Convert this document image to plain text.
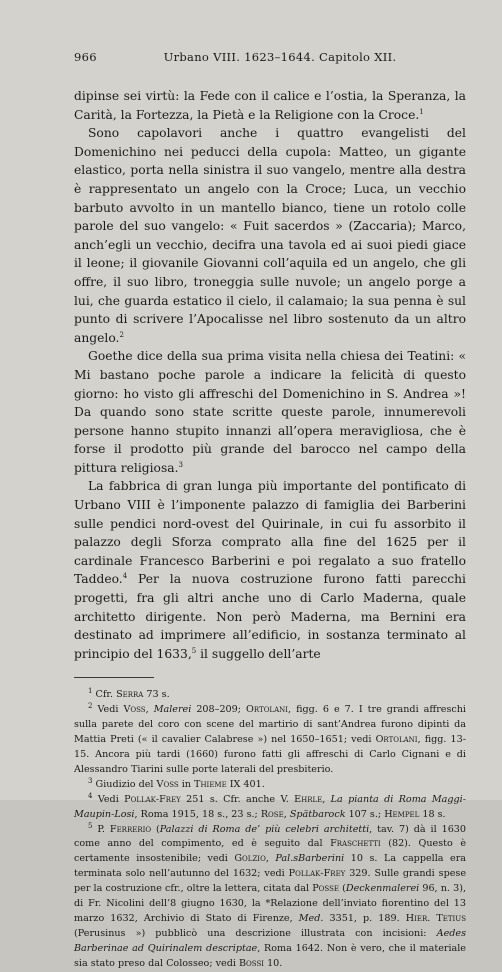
966	Urbano VIII. 1623–1644. Capitolo XII.

dipinse sei virtù: la Fede con il calice e l’ostia, la Speranza, la Carità, la Fortezza, la Pietà e la Religione con la Croce.$^1$

Sono capolavori anche i quattro evangelisti del Domenichino nei peducci della cupola: Matteo, un gigante elastico, porta nella sinistra il suo vangelo, mentre alla destra è rappresentato un angelo con la Croce; Luca, un vecchio barbuto avvolto in un mantello bianco, tiene un rotolo colle parole del suo vangelo: « Fuit sacerdos » (Zaccaria); Marco, anch’egli un vecchio, decifra una tavola ed ai suoi piedi giace il leone; il giovanile Giovanni coll’aquila ed un angelo, che gli offre, il suo libro, troneggia sulle nuvole; un angelo porge a lui, che guarda estatico il cielo, il calamaio; la sua penna è sul punto di scrivere l’Apocalisse nel libro sostenuto da un altro angelo.$^2$

Goethe dice della sua prima visita nella chiesa dei Teatini: « Mi bastano poche parole a indicare la felicità di questo giorno: ho visto gli affreschi del Domenichino in S. Andrea »! Da quando sono state scritte queste parole, innumerevoli persone hanno stupito innanzi all’opera meravigliosa, che è forse il prodotto più grande del barocco nel campo della pittura religiosa.$^3$

La fabbrica di gran lunga più importante del pontificato di Urbano VIII è l’imponente palazzo di famiglia dei Barberini sulle pendici nord-ovest del Quirinale, in cui fu assorbito il palazzo degli Sforza comprato alla fine del 1625 per il cardinale Francesco Barberini e poi regalato a suo fratello Taddeo.$^4$ Per la nuova costruzione furono fatti parecchi progetti, fra gli altri anche uno di Carlo Maderna, quale architetto dirigente. Non però Maderna, ma Bernini era destinato ad imprimere all’edificio, in sostanza terminato al principio del 1633,$^5$ il suggello dell’arte

$^1$ Cfr. Serra 73 s.

$^2$ Vedi Voss, Malerei 208–209; Ortolani, figg. 6 e 7. I tre grandi affreschi sulla parete del coro con scene del martirio di sant’Andrea furono dipinti da Mattia Preti (« il cavalier Calabrese ») nel 1650–1651; vedi Ortolani, figg. 13-15. Ancora più tardi (1660) furono fatti gli affreschi di Carlo Cignani e di Alessandro Tiarini sulle porte laterali del presbiterio.

$^3$ Giudizio del Voss in Thieme IX 401.

$^4$ Vedi Pollak-Frey 251 s. Cfr. anche V. Ehrle, La pianta di Roma Maggi-Maupin-Losi, Roma 1915, 18 s., 23 s.; Rose, Spätbarock 107 s.; Hempel 18 s.

$^5$ P. Ferrerio (Palazzi di Roma de’ più celebri architetti, tav. 7) dà il 1630 come anno del compimento, ed è seguito dal Fraschetti (82). Questo è certamente insostenibile; vedi Golzio, Pal.sBarberini 10 s. La cappella era terminata solo nell’autunno del 1632; vedi Pollak-Frey 329. Sulle grandi spese per la costruzione cfr., oltre la lettera, citata dal Posse (Deckenmalerei 96, n. 3), di Fr. Nicolini dell’8 giugno 1630, la *Relazione dell’inviato fiorentino del 13 marzo 1632, Archivio di Stato di Firenze, Med. 3351, p. 189. Hier. Tetius (Perusinus ») pubblicò una descrizione illustrata con incisioni: Aedes Barberinae ad Quirinalem descriptae, Roma 1642. Non è vero, che il materiale sia stato preso dal Colosseo; vedi Bossi 10.
